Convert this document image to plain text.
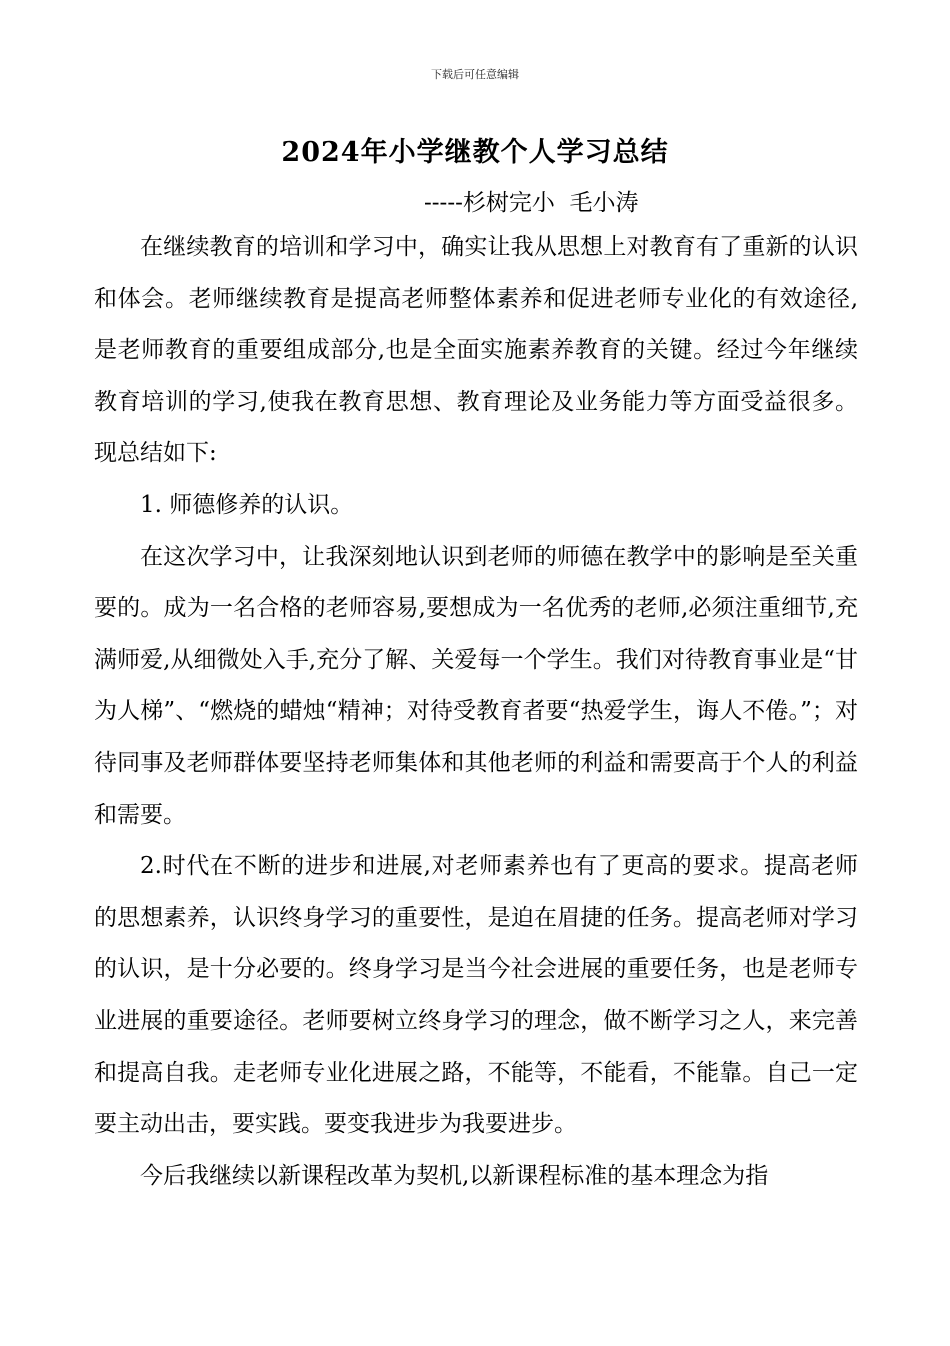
下载后可任意编辑
2024年小学继教个人学习总结
-----杉树完小  毛小涛

在继续教育的培训和学习中，确实让我从思想上对教育有了重新的认识和体会。老师继续教育是提高老师整体素养和促进老师专业化的有效途径,是老师教育的重要组成部分,也是全面实施素养教育的关键。经过今年继续教育培训的学习,使我在教育思想、教育理论及业务能力等方面受益很多。现总结如下:

1. 师德修养的认识。

在这次学习中，让我深刻地认识到老师的师德在教学中的影响是至关重要的。成为一名合格的老师容易,要想成为一名优秀的老师,必须注重细节,充满师爱,从细微处入手,充分了解、关爱每一个学生。我们对待教育事业是“甘为人梯”、“燃烧的蜡烛“精神；对待受教育者要“热爱学生，诲人不倦。”；对待同事及老师群体要坚持老师集体和其他老师的利益和需要高于个人的利益和需要。

2.时代在不断的进步和进展,对老师素养也有了更高的要求。提高老师的思想素养，认识终身学习的重要性，是迫在眉捷的任务。提高老师对学习的认识，是十分必要的。终身学习是当今社会进展的重要任务，也是老师专业进展的重要途径。老师要树立终身学习的理念，做不断学习之人，来完善和提高自我。走老师专业化进展之路，不能等，不能看，不能靠。自己一定要主动出击，要实践。要变我进步为我要进步。

今后我继续以新课程改革为契机,以新课程标准的基本理念为指
